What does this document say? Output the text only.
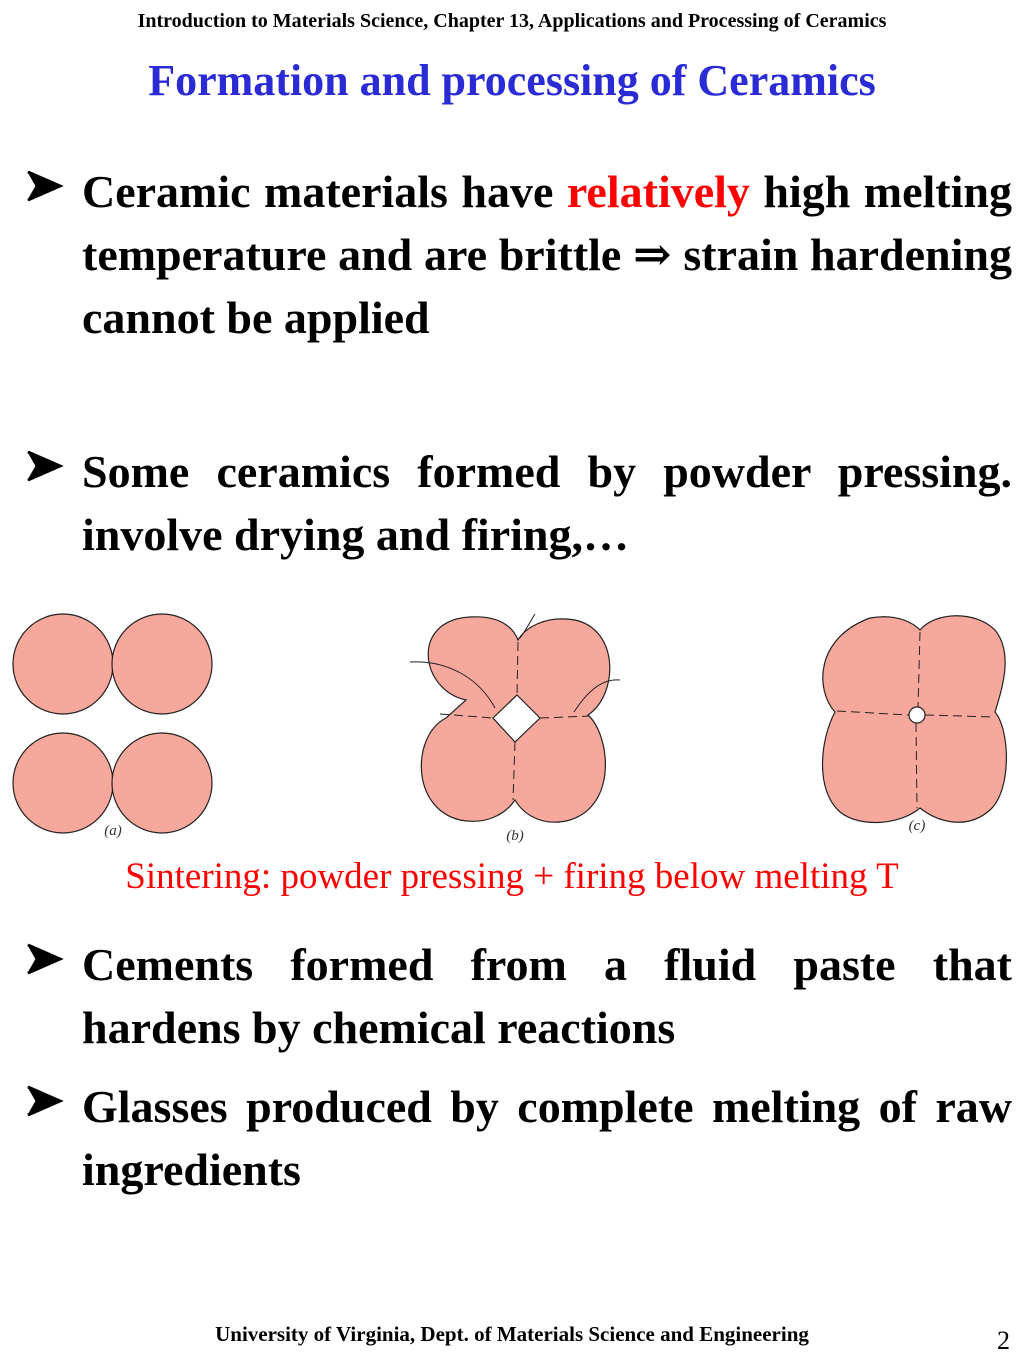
Introduction to Materials Science, Chapter 13, Applications and Processing of Ceramics
Formation and processing of Ceramics
Ceramic materials have relatively high melting temperature and are brittle ⇒ strain hardening cannot be applied
Some ceramics formed by powder pressing. involve drying and firing,…
(a)	(b)
(c)
Sintering: powder pressing + firing below melting T
Cements formed from a fluid paste that hardens by chemical reactions
Glasses produced by complete melting of raw ingredients
University of Virginia, Dept. of Materials Science and Engineering	2
